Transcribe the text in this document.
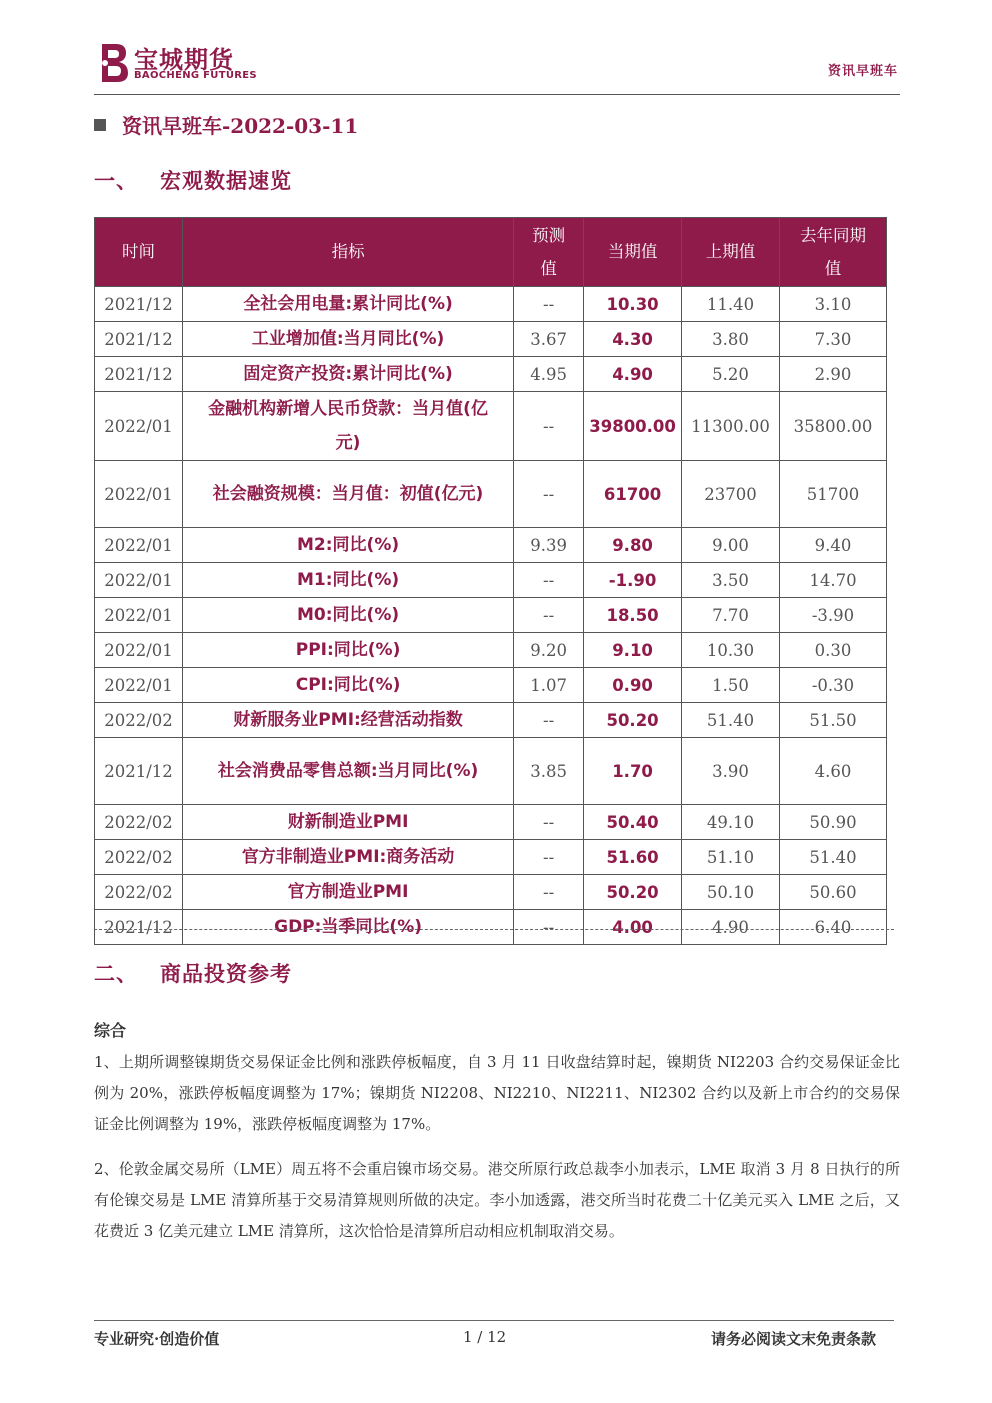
宝城期货
BAOCHENG FUTURES	资讯早班车
资讯早班车-2022-03-11
一、 宏观数据速览
时间	指标	预测值	当期值	上期值	去年同期值
2021/12	全社会用电量:累计同比(%)	--	10.30	11.40	3.10
2021/12	工业增加值:当月同比(%)	3.67	4.30	3.80	7.30
2021/12	固定资产投资:累计同比(%)	4.95	4.90	5.20	2.90
2022/01	金融机构新增人民币贷款：当月值(亿元)	--	39800.00	11300.00	35800.00
2022/01	社会融资规模：当月值：初值(亿元)	--	61700	23700	51700
2022/01	M2:同比(%)	9.39	9.80	9.00	9.40
2022/01	M1:同比(%)	--	-1.90	3.50	14.70
2022/01	M0:同比(%)	--	18.50	7.70	-3.90
2022/01	PPI:同比(%)	9.20	9.10	10.30	0.30
2022/01	CPI:同比(%)	1.07	0.90	1.50	-0.30
2022/02	财新服务业PMI:经营活动指数	--	50.20	51.40	51.50
2021/12	社会消费品零售总额:当月同比(%)	3.85	1.70	3.90	4.60
2022/02	财新制造业PMI	--	50.40	49.10	50.90
2022/02	官方非制造业PMI:商务活动	--	51.60	51.10	51.40
2022/02	官方制造业PMI	--	50.20	50.10	50.60
2021/12	GDP:当季同比(%)	--	4.00	4.90	6.40
二、 商品投资参考
综合
1、上期所调整镍期货交易保证金比例和涨跌停板幅度，自 3 月 11 日收盘结算时起，镍期货 NI2203 合约交易保证金比例为 20%，涨跌停板幅度调整为 17%；镍期货 NI2208、NI2210、NI2211、NI2302 合约以及新上市合约的交易保证金比例调整为 19%，涨跌停板幅度调整为 17%。
2、伦敦金属交易所（LME）周五将不会重启镍市场交易。港交所原行政总裁李小加表示，LME 取消 3 月 8 日执行的所有伦镍交易是 LME 清算所基于交易清算规则所做的决定。李小加透露，港交所当时花费二十亿美元买入 LME 之后，又花费近 3 亿美元建立 LME 清算所，这次恰恰是清算所启动相应机制取消交易。
专业研究·创造价值	1 / 12	请务必阅读文末免责条款
